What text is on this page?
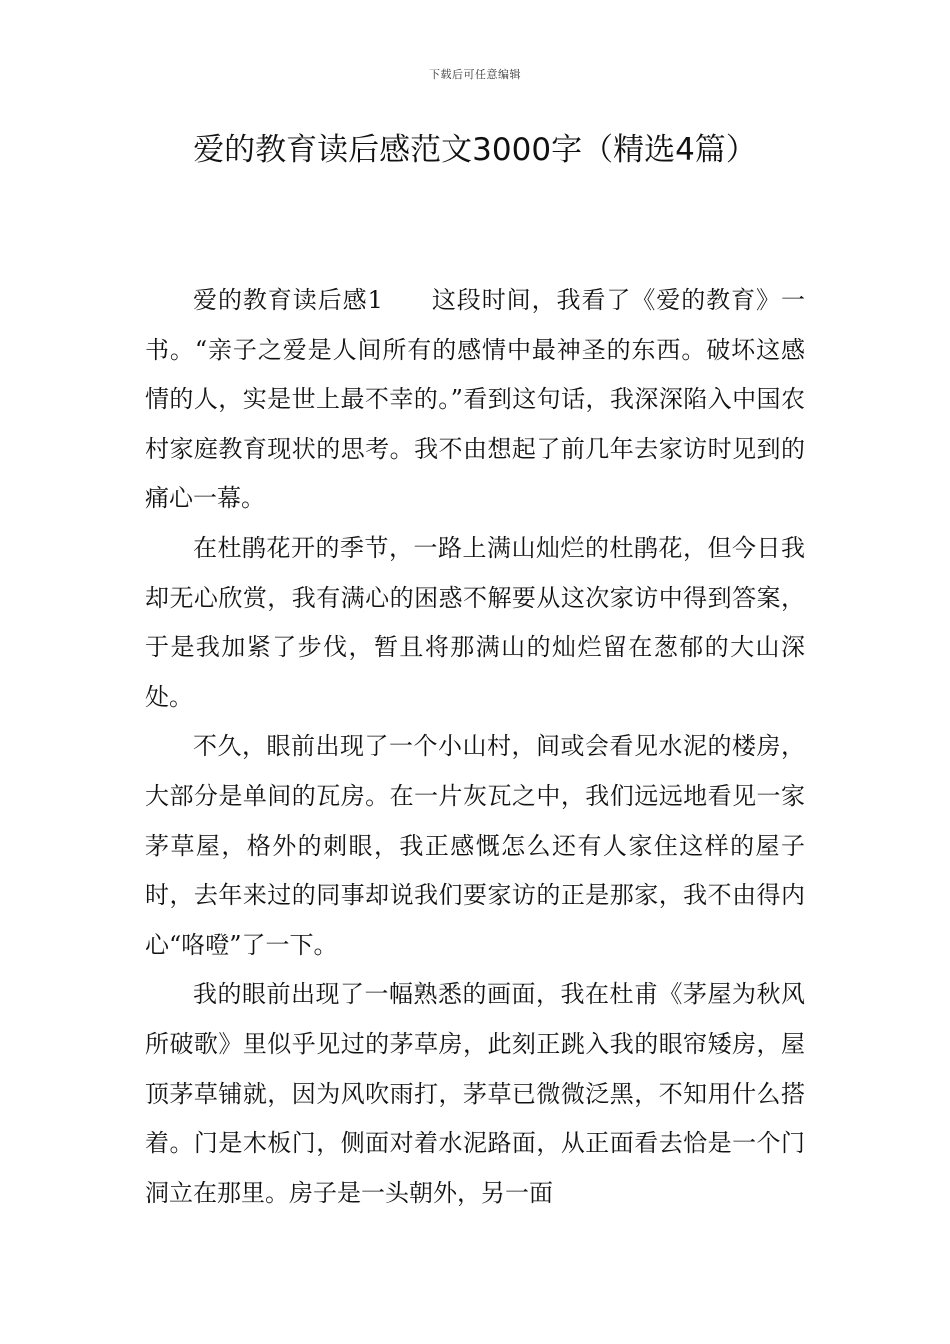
下载后可任意编辑
爱的教育读后感范文3000字（精选4篇）

爱的教育读后感1 这段时间，我看了《爱的教育》一书。“亲子之爱是人间所有的感情中最神圣的东西。破坏这感情的人，实是世上最不幸的。”看到这句话，我深深陷入中国农村家庭教育现状的思考。我不由想起了前几年去家访时见到的痛心一幕。

在杜鹃花开的季节，一路上满山灿烂的杜鹃花，但今日我却无心欣赏，我有满心的困惑不解要从这次家访中得到答案，于是我加紧了步伐，暂且将那满山的灿烂留在葱郁的大山深处。

不久，眼前出现了一个小山村，间或会看见水泥的楼房，大部分是单间的瓦房。在一片灰瓦之中，我们远远地看见一家茅草屋，格外的刺眼，我正感慨怎么还有人家住这样的屋子时，去年来过的同事却说我们要家访的正是那家，我不由得内心“咯噔”了一下。

我的眼前出现了一幅熟悉的画面，我在杜甫《茅屋为秋风所破歌》里似乎见过的茅草房，此刻正跳入我的眼帘矮房，屋顶茅草铺就，因为风吹雨打，茅草已微微泛黑，不知用什么搭着。门是木板门，侧面对着水泥路面，从正面看去恰是一个门洞立在那里。房子是一头朝外，另一面
